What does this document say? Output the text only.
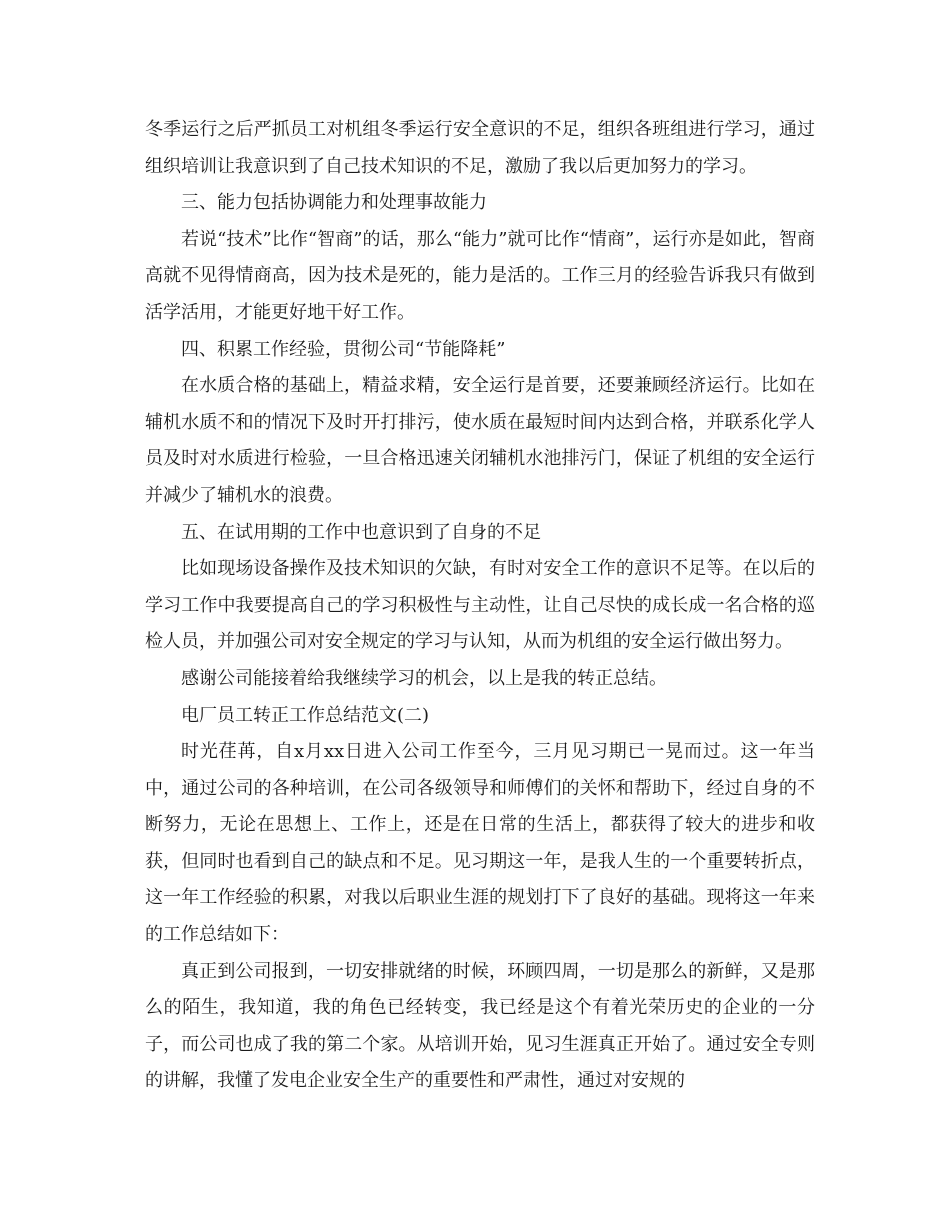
冬季运行之后严抓员工对机组冬季运行安全意识的不足，组织各班组进行学习，通过组织培训让我意识到了自己技术知识的不足，激励了我以后更加努力的学习。

三、能力包括协调能力和处理事故能力

若说“技术”比作“智商”的话，那么“能力”就可比作“情商”，运行亦是如此，智商高就不见得情商高，因为技术是死的，能力是活的。工作三月的经验告诉我只有做到活学活用，才能更好地干好工作。

四、积累工作经验，贯彻公司“节能降耗”

在水质合格的基础上，精益求精，安全运行是首要，还要兼顾经济运行。比如在辅机水质不和的情况下及时开打排污，使水质在最短时间内达到合格，并联系化学人员及时对水质进行检验，一旦合格迅速关闭辅机水池排污门，保证了机组的安全运行并减少了辅机水的浪费。

五、在试用期的工作中也意识到了自身的不足

比如现场设备操作及技术知识的欠缺，有时对安全工作的意识不足等。在以后的学习工作中我要提高自己的学习积极性与主动性，让自己尽快的成长成一名合格的巡检人员，并加强公司对安全规定的学习与认知，从而为机组的安全运行做出努力。

感谢公司能接着给我继续学习的机会，以上是我的转正总结。

电厂员工转正工作总结范文(二)

时光荏苒，自x月xx日进入公司工作至今，三月见习期已一晃而过。这一年当中，通过公司的各种培训，在公司各级领导和师傅们的关怀和帮助下，经过自身的不断努力，无论在思想上、工作上，还是在日常的生活上，都获得了较大的进步和收获，但同时也看到自己的缺点和不足。见习期这一年，是我人生的一个重要转折点，这一年工作经验的积累，对我以后职业生涯的规划打下了良好的基础。现将这一年来的工作总结如下：

真正到公司报到，一切安排就绪的时候，环顾四周，一切是那么的新鲜，又是那么的陌生，我知道，我的角色已经转变，我已经是这个有着光荣历史的企业的一分子，而公司也成了我的第二个家。从培训开始，见习生涯真正开始了。通过安全专则的讲解，我懂了发电企业安全生产的重要性和严肃性，通过对安规的
